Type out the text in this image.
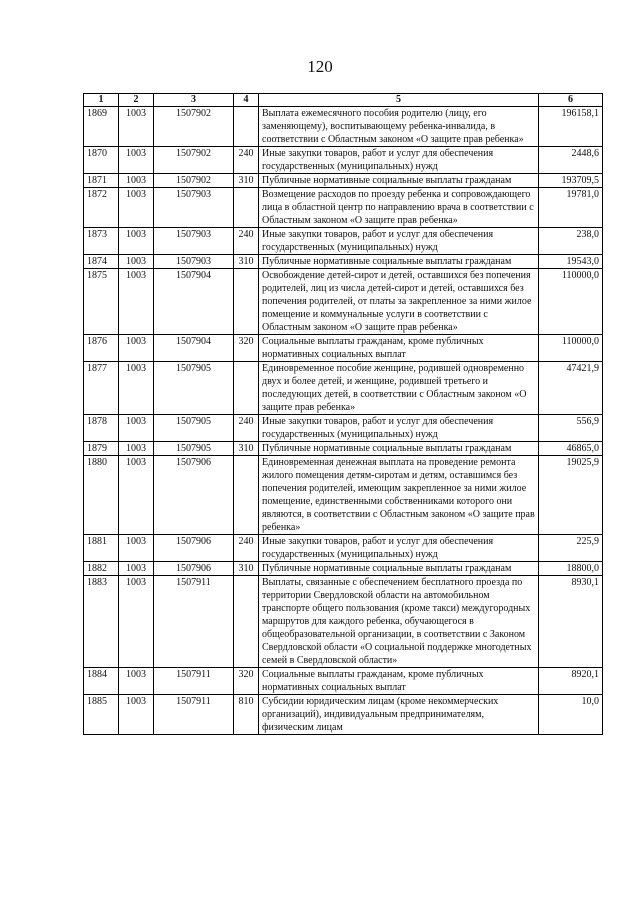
120
1	2	3	4	5	6
1869	1003	1507902		Выплата ежемесячного пособия родителю (лицу, его заменяющему), воспитывающему ребенка-инвалида, в соответствии с Областным законом «О защите прав ребенка»	196158,1
1870	1003	1507902	240	Иные закупки товаров, работ и услуг для обеспечения государственных (муниципальных) нужд	2448,6
1871	1003	1507902	310	Публичные нормативные социальные выплаты гражданам	193709,5
1872	1003	1507903		Возмещение расходов по проезду ребенка и сопровождающего лица в областной центр по направлению врача в соответствии с Областным законом «О защите прав ребенка»	19781,0
1873	1003	1507903	240	Иные закупки товаров, работ и услуг для обеспечения государственных (муниципальных) нужд	238,0
1874	1003	1507903	310	Публичные нормативные социальные выплаты гражданам	19543,0
1875	1003	1507904		Освобождение детей-сирот и детей, оставшихся без попечения родителей, лиц из числа детей-сирот и детей, оставшихся без попечения родителей, от платы за закрепленное за ними жилое помещение и коммунальные услуги в соответствии с Областным законом «О защите прав ребенка»	110000,0
1876	1003	1507904	320	Социальные выплаты гражданам, кроме публичных нормативных социальных выплат	110000,0
1877	1003	1507905		Единовременное пособие женщине, родившей одновременно двух и более детей, и женщине, родившей третьего и последующих детей, в соответствии с Областным законом «О защите прав ребенка»	47421,9
1878	1003	1507905	240	Иные закупки товаров, работ и услуг для обеспечения государственных (муниципальных) нужд	556,9
1879	1003	1507905	310	Публичные нормативные социальные выплаты гражданам	46865,0
1880	1003	1507906		Единовременная денежная выплата на проведение ремонта жилого помещения детям-сиротам и детям, оставшимся без попечения родителей, имеющим закрепленное за ними жилое помещение, единственными собственниками которого они являются, в соответствии с Областным законом «О защите прав ребенка»	19025,9
1881	1003	1507906	240	Иные закупки товаров, работ и услуг для обеспечения государственных (муниципальных) нужд	225,9
1882	1003	1507906	310	Публичные нормативные социальные выплаты гражданам	18800,0
1883	1003	1507911		Выплаты, связанные с обеспечением бесплатного проезда по территории Свердловской области на автомобильном транспорте общего пользования (кроме такси) междугородных маршрутов для каждого ребенка, обучающегося в общеобразовательной организации, в соответствии с Законом Свердловской области «О социальной поддержке многодетных семей в Свердловской области»	8930,1
1884	1003	1507911	320	Социальные выплаты гражданам, кроме публичных нормативных социальных выплат	8920,1
1885	1003	1507911	810	Субсидии юридическим лицам (кроме некоммерческих организаций), индивидуальным предпринимателям, физическим лицам	10,0
